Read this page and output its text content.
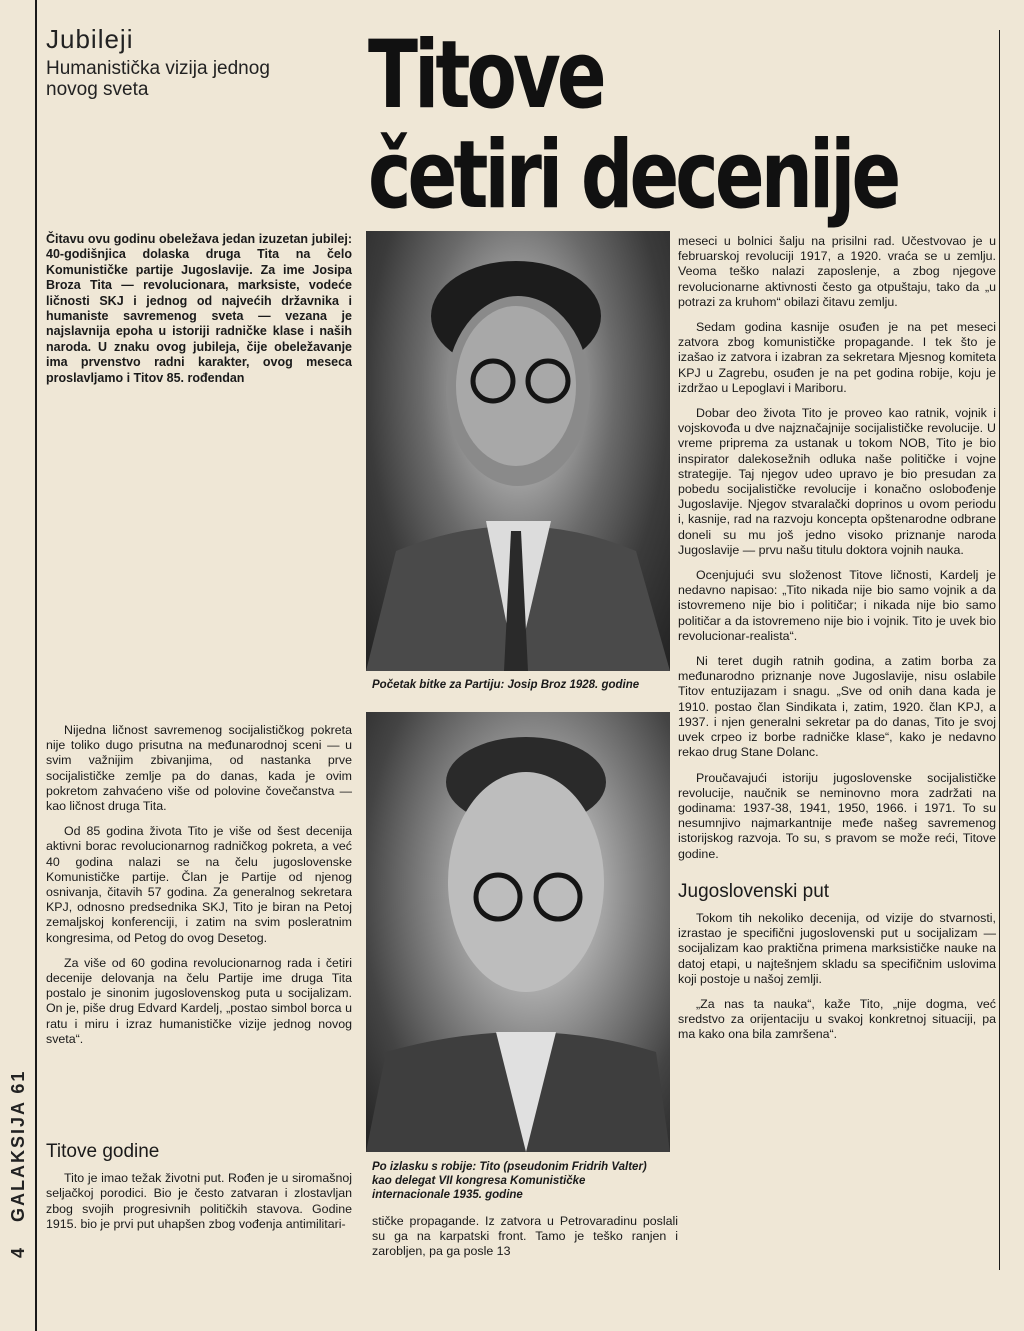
Jubileji
Humanistička vizija jednog novog sveta	Titove
četiri decenije
Čitavu ovu godinu obeležava jedan izuzetan jubilej: 40-godišnjica dolaska druga Tita na čelo Komunističke partije Jugoslavije. Za ime Josipa Broza Tita — revolucionara, marksiste, vodeće ličnosti SKJ i jednog od najvećih državnika i humaniste savremenog sveta — vezana je najslavnija epoha u istoriji radničke klase i naših naroda. U znaku ovog jubileja, čije obeležavanje ima prvenstvo radni karakter, ovog meseca proslavljamo i Titov 85. rođendan
Početak bitke za Partiju: Josip Broz 1928. godine
Po izlasku s robije: Tito (pseudonim Fridrih Valter) kao delegat VII kongresa Komunističke internacionale 1935. godine

Nijedna ličnost savremenog socijalističkog pokreta nije toliko dugo prisutna na međunarodnoj sceni — u svim važnijim zbivanjima, od nastanka prve socijalističke zemlje pa do danas, kada je ovim pokretom zahvaćeno više od polovine čovečanstva — kao ličnost druga Tita.

Od 85 godina života Tito je više od šest decenija aktivni borac revolucionarnog radničkog pokreta, a već 40 godina nalazi se na čelu jugoslovenske Komunističke partije. Član je Partije od njenog osnivanja, čitavih 57 godina. Za generalnog sekretara KPJ, odnosno predsednika SKJ, Tito je biran na Petoj zemaljskoj konferenciji, i zatim na svim posleratnim kongresima, od Petog do ovog Desetog.

Za više od 60 godina revolucionarnog rada i četiri decenije delovanja na čelu Partije ime druga Tita postalo je sinonim jugoslovenskog puta u socijalizam. On je, piše drug Edvard Kardelj, „postao simbol borca u ratu i miru i izraz humanističke vizije jednog novog sveta“.

Titove godine

Tito je imao težak životni put. Rođen je u siromašnoj seljačkoj porodici. Bio je često zatvaran i zlostavljan zbog svojih progresivnih političkih stavova. Godine 1915. bio je prvi put uhapšen zbog vođenja antimilitari-	stičke propagande. Iz zatvora u Petrovaradinu poslali su ga na karpatski front. Tamo je teško ranjen i zarobljen, pa ga posle 13

meseci u bolnici šalju na prisilni rad. Učestvovao je u februarskoj revoluciji 1917, a 1920. vraća se u zemlju. Veoma teško nalazi zaposlenje, a zbog njegove revolucionarne aktivnosti često ga otpuštaju, tako da „u potrazi za kruhom“ obilazi čitavu zemlju.

Sedam godina kasnije osuđen je na pet meseci zatvora zbog komunističke propagande. I tek što je izašao iz zatvora i izabran za sekretara Mjesnog komiteta KPJ u Zagrebu, osuđen je na pet godina robije, koju je izdržao u Lepoglavi i Mariboru.

Dobar deo života Tito je proveo kao ratnik, vojnik i vojskovođa u dve najznačajnije socijalističke revolucije. U vreme priprema za ustanak u tokom NOB, Tito je bio inspirator dalekosežnih odluka naše političke i vojne strategije. Taj njegov udeo upravo je bio presudan za pobedu socijalističke revolucije i konačno oslobođenje Jugoslavije. Njegov stvaralački doprinos u ovom periodu i, kasnije, rad na razvoju koncepta opštenarodne odbrane doneli su mu još jedno visoko priznanje naroda Jugoslavije — prvu našu titulu doktora vojnih nauka.

Ocenjujući svu složenost Titove ličnosti, Kardelj je nedavno napisao: „Tito nikada nije bio samo vojnik a da istovremeno nije bio i političar; i nikada nije bio samo političar a da istovremeno nije bio i vojnik. Tito je uvek bio revolucionar-realista“.

Ni teret dugih ratnih godina, a zatim borba za međunarodno priznanje nove Jugoslavije, nisu oslabile Titov entuzijazam i snagu. „Sve od onih dana kada je 1910. postao član Sindikata i, zatim, 1920. član KPJ, a 1937. i njen generalni sekretar pa do danas, Tito je svoj uvek crpeo iz borbe radničke klase“, kako je nedavno rekao drug Stane Dolanc.

Proučavajući istoriju jugoslovenske socijalističke revolucije, naučnik se neminovno mora zadržati na godinama: 1937-38, 1941, 1950, 1966. i 1971. To su nesumnjivo najmarkantnije međe našeg savremenog istorijskog razvoja. To su, s pravom se može reći, Titove godine.

Jugoslovenski put

Tokom tih nekoliko decenija, od vizije do stvarnosti, izrastao je specifični jugoslovenski put u socijalizam — socijalizam kao praktična primena marksističke nauke na datoj etapi, u najtešnjem skladu sa specifičnim uslovima koji postoje u našoj zemlji.

„Za nas ta nauka“, kaže Tito, „nije dogma, već sredstvo za orijentaciju u svakoj konkretnoj situaciji, pa ma kako ona bila zamršena“.

4  GALAKSIJA 61
